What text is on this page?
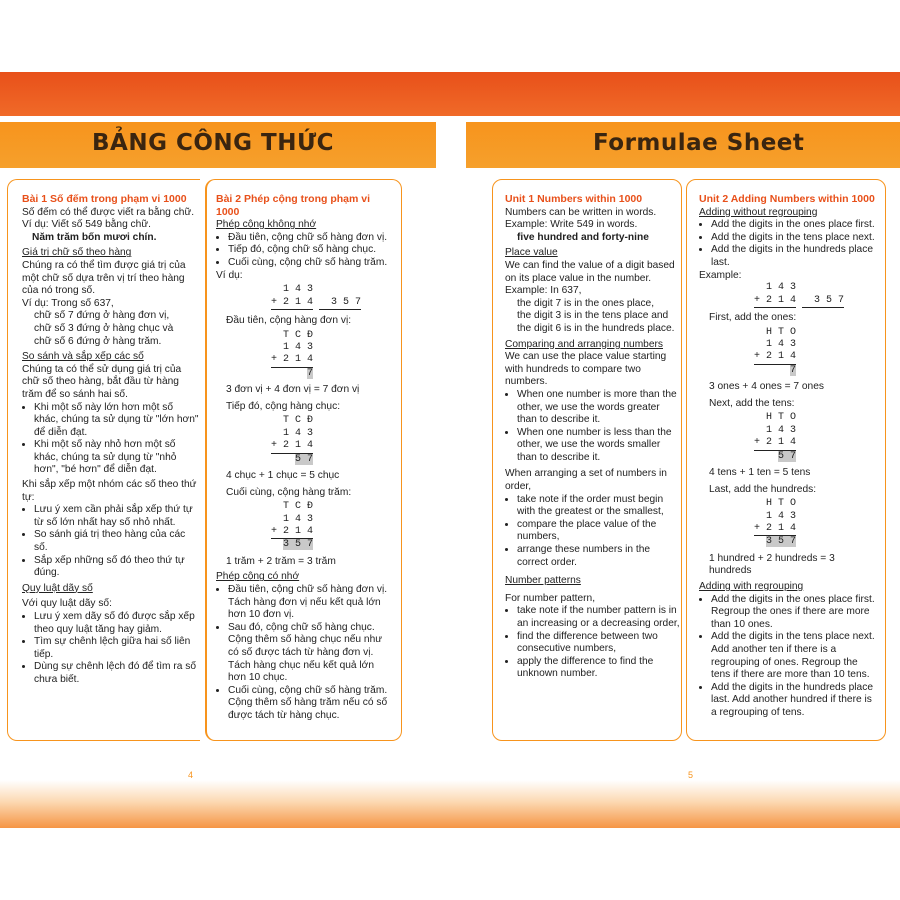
BẢNG CÔNG THỨC	Formulae Sheet
Bài 1 Số đếm trong phạm vi 1000
Số đếm có thể được viết ra bằng chữ.
Ví dụ: Viết số 549 bằng chữ.
Năm trăm bốn mươi chín.
Giá trị chữ số theo hàng
Chúng ra có thể tìm được giá trị của một chữ số dựa trên vị trí theo hàng của nó trong số.
Ví dụ: Trong số 637,
chữ số 7 đứng ở hàng đơn vị,
chữ số 3 đứng ở hàng chục và
chữ số 6 đứng ở hàng trăm.
So sánh và sắp xếp các số
Chúng ta có thể sử dụng giá trị của chữ số theo hàng, bắt đầu từ hàng trăm để so sánh hai số.
• Khi một số này lớn hơn một số khác, chúng ta sử dụng từ "lớn hơn" để diễn đạt.
• Khi một số này nhỏ hơn một số khác, chúng ta sử dụng từ "nhỏ hơn", "bé hơn" để diễn đạt.
Khi sắp xếp một nhóm các số theo thứ tự:
• Lưu ý xem cần phải sắp xếp thứ tự từ số lớn nhất hay số nhỏ nhất.
• So sánh giá trị theo hàng của các số.
• Sắp xếp những số đó theo thứ tự đúng.
Quy luật dãy số
Với quy luật dãy số:
• Lưu ý xem dãy số đó được sắp xếp theo quy luật tăng hay giảm.
• Tìm sự chênh lệch giữa hai số liên tiếp.
• Dùng sự chênh lệch đó để tìm ra số chưa biết.
Bài 2 Phép cộng trong phạm vi 1000
Phép cộng không nhớ
• Đầu tiên, cộng chữ số hàng đơn vị.
• Tiếp đó, cộng chữ số hàng chục.
• Cuối cùng, cộng chữ số hàng trăm.
Ví dụ:
1 4 3
+ 2 1 4 3 5 7
Đầu tiên, cộng hàng đơn vị:
T C Đ
1 4 3
+ 2 1 4
7
3 đơn vị + 4 đơn vị = 7 đơn vị
Tiếp đó, cộng hàng chục:
T C Đ
1 4 3
+ 2 1 4
5 7
4 chục + 1 chục = 5 chục
Cuối cùng, cộng hàng trăm:
T C Đ
1 4 3
+ 2 1 4
3 5 7
1 trăm + 2 trăm = 3 trăm
Phép cộng có nhớ
• Đầu tiên, cộng chữ số hàng đơn vị. Tách hàng đơn vị nếu kết quả lớn hơn 10 đơn vị.
• Sau đó, cộng chữ số hàng chục. Cộng thêm số hàng chục nếu như có số được tách từ hàng đơn vị. Tách hàng chục nếu kết quả lớn hơn 10 chục.
• Cuối cùng, cộng chữ số hàng trăm. Cộng thêm số hàng trăm nếu có số được tách từ hàng chục.
Unit 1 Numbers within 1000
Numbers can be written in words.
Example: Write 549 in words.
five hundred and forty-nine
Place value
We can find the value of a digit based on its place value in the number.
Example: In 637,
the digit 7 is in the ones place,
the digit 3 is in the tens place and
the digit 6 is in the hundreds place.
Comparing and arranging numbers
We can use the place value starting with hundreds to compare two numbers.
• When one number is more than the other, we use the words greater than to describe it.
• When one number is less than the other, we use the words smaller than to describe it.
When arranging a set of numbers in order,
• take note if the order must begin with the greatest or the smallest,
• compare the place value of the numbers,
• arrange these numbers in the correct order.
Number patterns
For number pattern,
• take note if the number pattern is in an increasing or a decreasing order,
• find the difference between two consecutive numbers,
• apply the difference to find the unknown number.
Unit 2 Adding Numbers within 1000
Adding without regrouping
• Add the digits in the ones place first.
• Add the digits in the tens place next.
• Add the digits in the hundreds place last.
Example:
1 4 3
+ 2 1 4 3 5 7
First, add the ones:
H T O
1 4 3
+ 2 1 4
7
3 ones + 4 ones = 7 ones
Next, add the tens:
H T O
1 4 3
+ 2 1 4
5 7
4 tens + 1 ten = 5 tens
Last, add the hundreds:
H T O
1 4 3
+ 2 1 4
3 5 7
1 hundred + 2 hundreds = 3 hundreds
Adding with regrouping
• Add the digits in the ones place first. Regroup the ones if there are more than 10 ones.
• Add the digits in the tens place next. Add another ten if there is a regrouping of ones. Regroup the tens if there are more than 10 tens.
• Add the digits in the hundreds place last. Add another hundred if there is a regrouping of tens.
4	5
